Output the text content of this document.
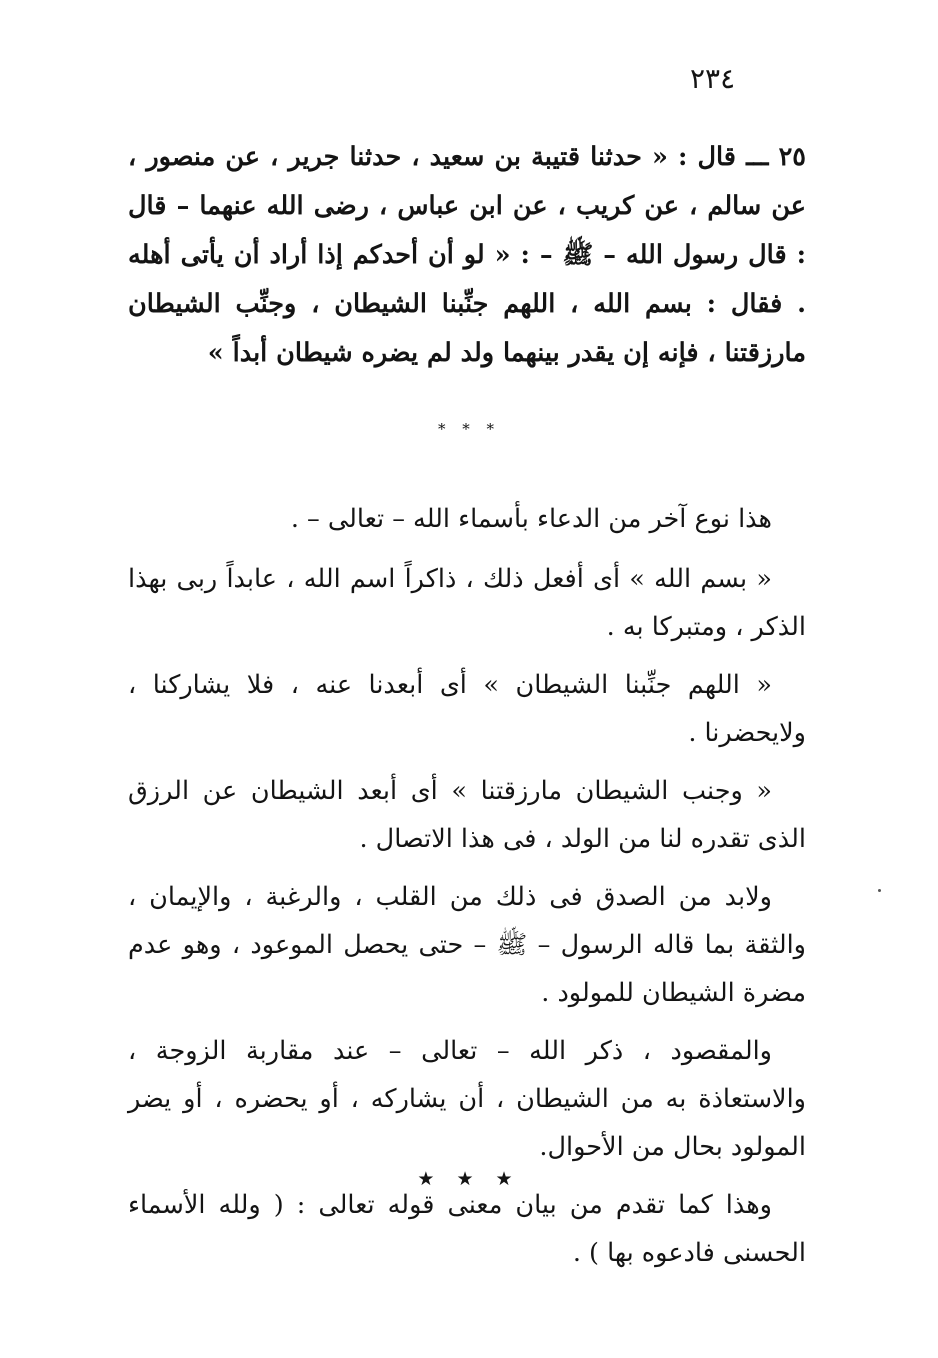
٢٣٤
٢٥ ـــ قال : « حدثنا قتيبة بن سعيد ، حدثنا جرير ، عن منصور ، عن سالم ، عن كريب ، عن ابن عباس ، رضى الله عنهما – قال : قال رسول الله – ﷺ – : « لو أن أحدكم إذا أراد أن يأتى أهله . فقال : بسم الله ، اللهم جنِّبنا الشيطان ، وجنِّب الشيطان مارزقتنا ، فإنه إن يقدر بينهما ولد لم يضره شيطان أبداً »
* * *

هذا نوع آخر من الدعاء بأسماء الله – تعالى – .

« بسم الله » أى أفعل ذلك ، ذاكراً اسم الله ، عابداً ربى بهذا الذكر ، ومتبركا به .

« اللهم جنِّبنا الشيطان » أى أبعدنا عنه ، فلا يشاركنا ، ولايحضرنا .

« وجنب الشيطان مارزقتنا » أى أبعد الشيطان عن الرزق الذى تقدره لنا من الولد ، فى هذا الاتصال .

ولابد من الصدق فى ذلك من القلب ، والرغبة ، والإيمان ، والثقة بما قاله الرسول – ﷺ – حتى يحصل الموعود ، وهو عدم مضرة الشيطان للمولود .

والمقصود ، ذكر الله – تعالى – عند مقاربة الزوجة ، والاستعاذة به من الشيطان ، أن يشاركه ، أو يحضره ، أو يضر المولود بحال من الأحوال.

وهذا كما تقدم من بيان معنى قوله تعالى : ( ولله الأسماء الحسنى فادعوه بها ) .

★ ★ ★
